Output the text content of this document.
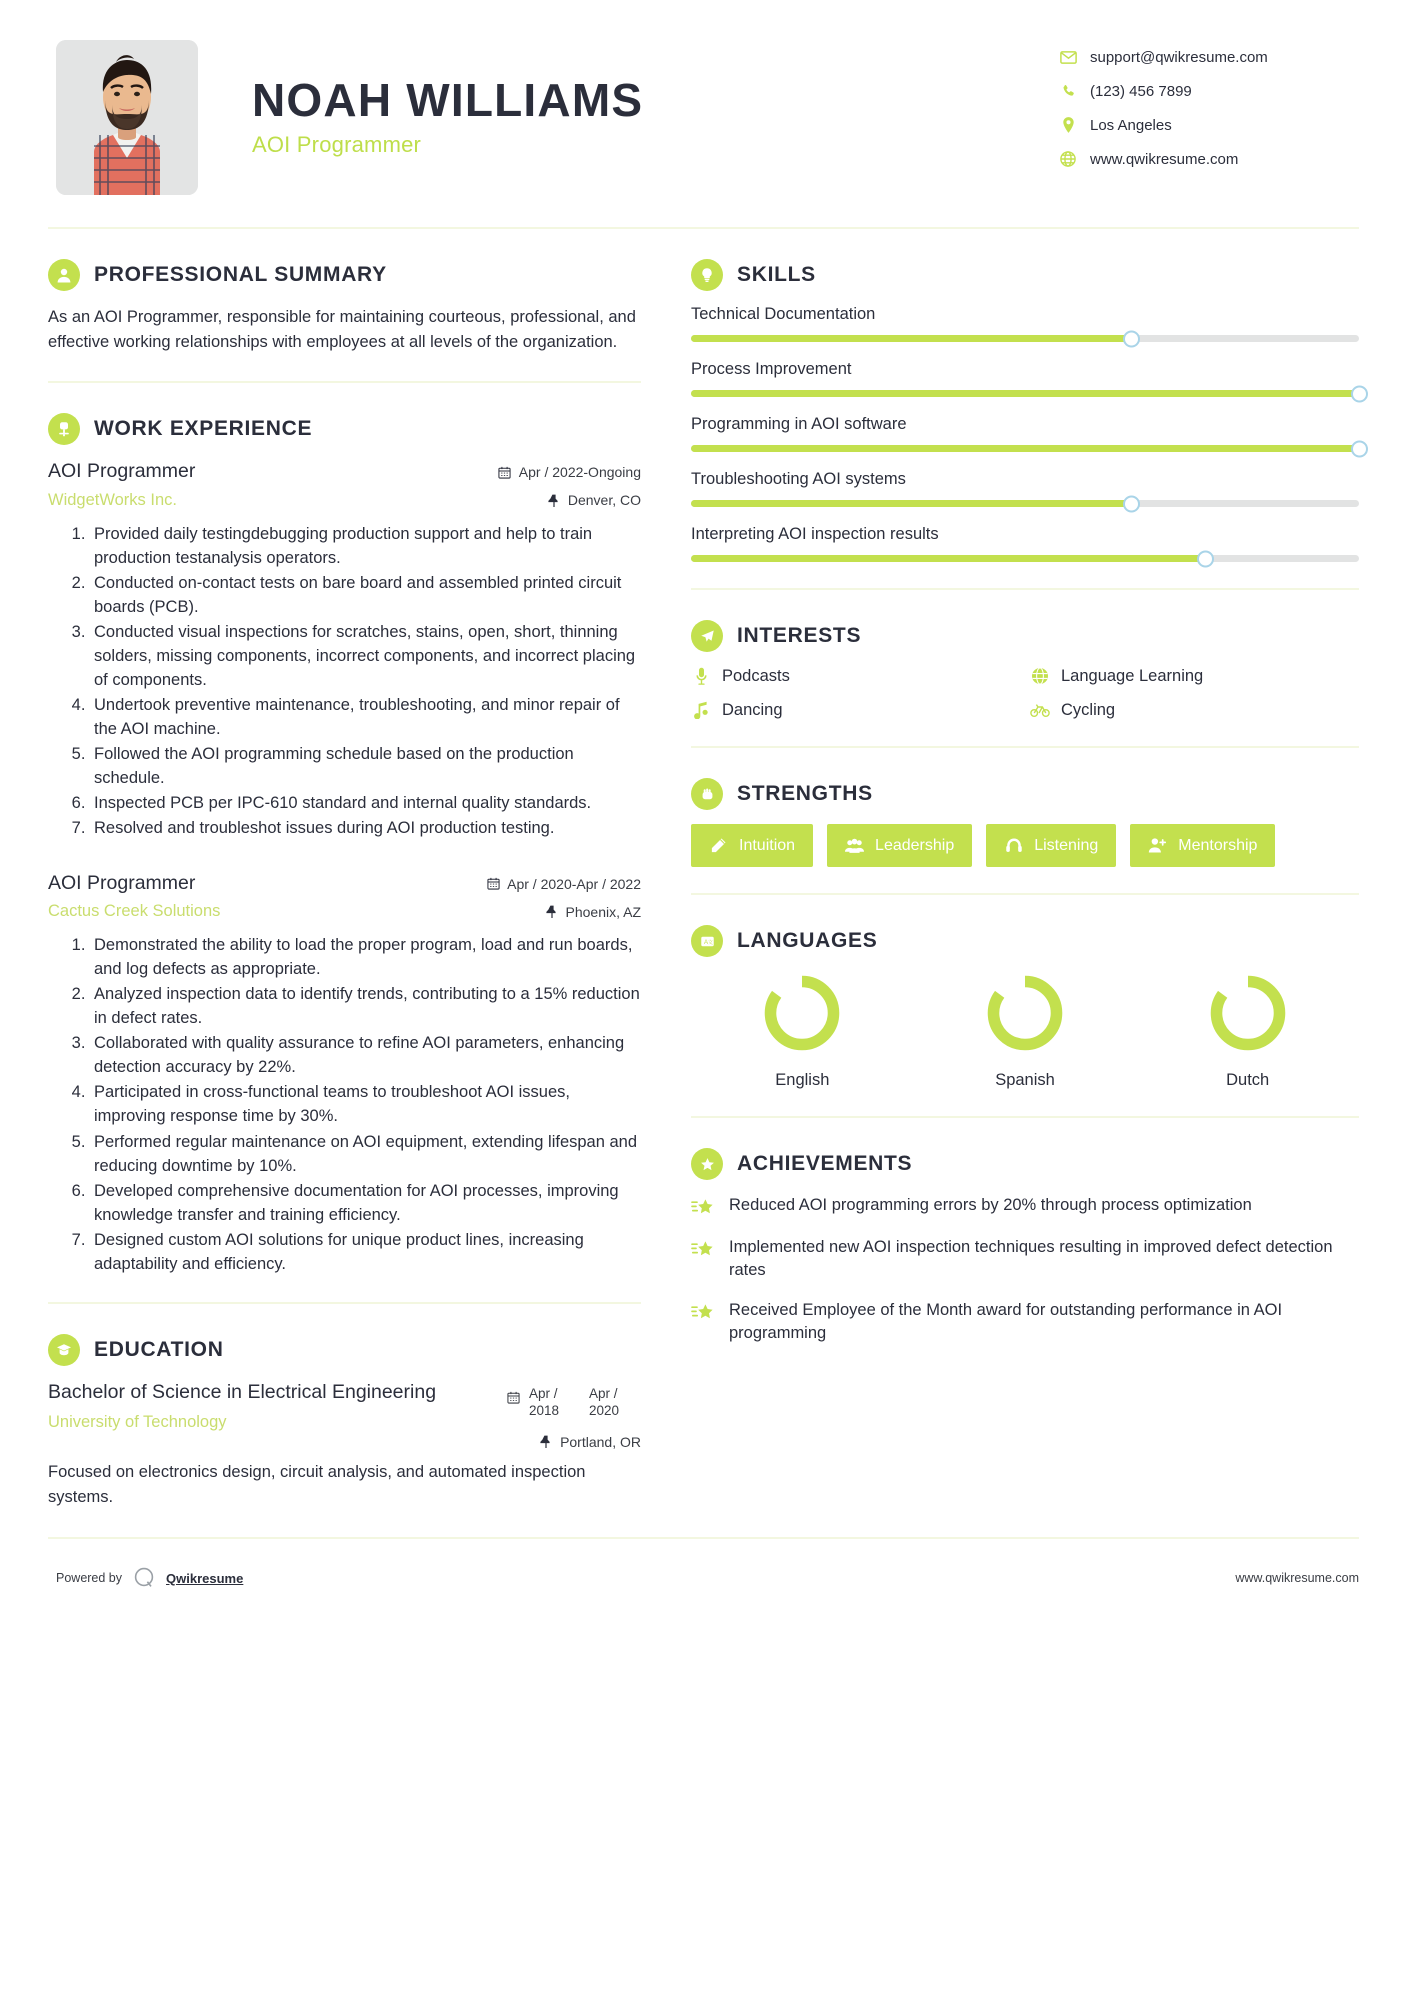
NOAH WILLIAMS
AOI Programmer
support@qwikresume.com
(123) 456 7899
Los Angeles
www.qwikresume.com
PROFESSIONAL SUMMARY
As an AOI Programmer, responsible for maintaining courteous, professional, and effective working relationships with employees at all levels of the organization.
WORK EXPERIENCE
AOI Programmer
WidgetWorks Inc.
Apr / 2022-Ongoing
Denver, CO
1. Provided daily testingdebugging production support and help to train production testanalysis operators.
2. Conducted on-contact tests on bare board and assembled printed circuit boards (PCB).
3. Conducted visual inspections for scratches, stains, open, short, thinning solders, missing components, incorrect components, and incorrect placing of components.
4. Undertook preventive maintenance, troubleshooting, and minor repair of the AOI machine.
5. Followed the AOI programming schedule based on the production schedule.
6. Inspected PCB per IPC-610 standard and internal quality standards.
7. Resolved and troubleshot issues during AOI production testing.
AOI Programmer
Cactus Creek Solutions
Apr / 2020-Apr / 2022
Phoenix, AZ
1. Demonstrated the ability to load the proper program, load and run boards, and log defects as appropriate.
2. Analyzed inspection data to identify trends, contributing to a 15% reduction in defect rates.
3. Collaborated with quality assurance to refine AOI parameters, enhancing detection accuracy by 22%.
4. Participated in cross-functional teams to troubleshoot AOI issues, improving response time by 30%.
5. Performed regular maintenance on AOI equipment, extending lifespan and reducing downtime by 10%.
6. Developed comprehensive documentation for AOI processes, improving knowledge transfer and training efficiency.
7. Designed custom AOI solutions for unique product lines, increasing adaptability and efficiency.
EDUCATION
Bachelor of Science in Electrical Engineering
University of Technology
Apr / 2018
Apr / 2020
Portland, OR
Focused on electronics design, circuit analysis, and automated inspection systems.
SKILLS
Technical Documentation
Process Improvement
Programming in AOI software
Troubleshooting AOI systems
Interpreting AOI inspection results
INTERESTS
Podcasts	Language Learning
Dancing	Cycling
STRENGTHS
Intuition	Leadership	Listening	Mentorship
A 文 LANGUAGES
English	Spanish	Dutch
ACHIEVEMENTS
Reduced AOI programming errors by 20% through process optimization
Implemented new AOI inspection techniques resulting in improved defect detection rates
Received Employee of the Month award for outstanding performance in AOI programming
Powered by	Qwikresume	www.qwikresume.com
